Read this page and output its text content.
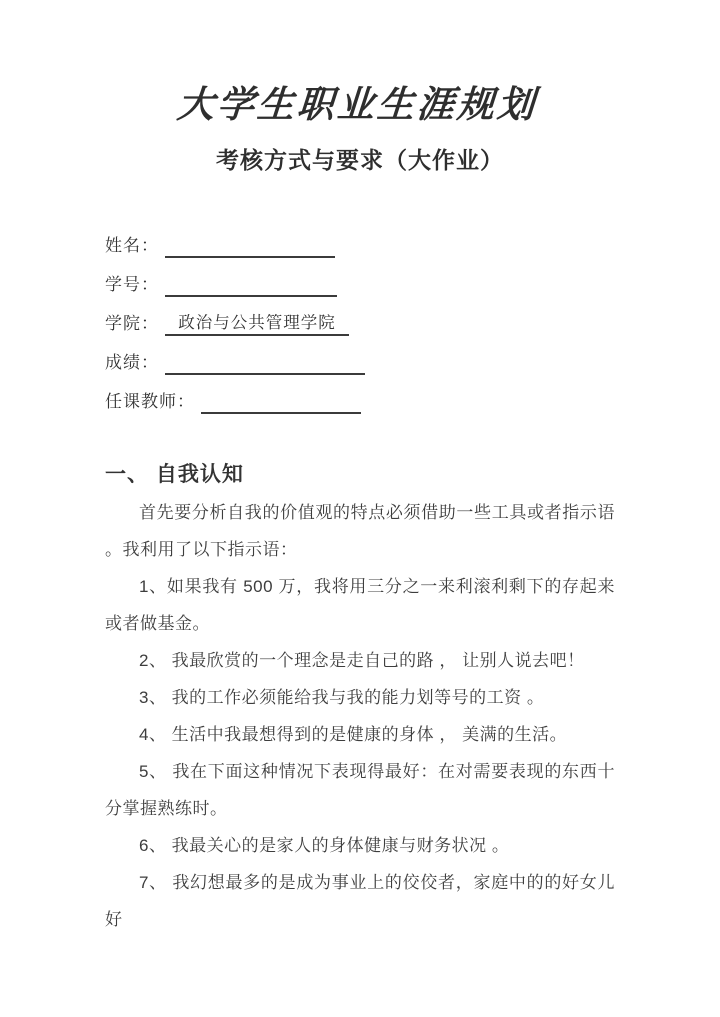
大学生职业生涯规划
考核方式与要求（大作业）
姓名：
学号：
学院：	政治与公共管理学院
成绩：
任课教师：
一、 自我认知

首先要分析自我的价值观的特点必须借助一些工具或者指示语 。我利用了以下指示语：

1、如果我有 500 万，我将用三分之一来利滚利剩下的存起来或者做基金。

2、 我最欣赏的一个理念是走自己的路 ， 让别人说去吧！

3、 我的工作必须能给我与我的能力划等号的工资 。

4、 生活中我最想得到的是健康的身体 ， 美满的生活。

5、 我在下面这种情况下表现得最好：在对需要表现的东西十分掌握熟练时。

6、 我最关心的是家人的身体健康与财务状况 。

7、 我幻想最多的是成为事业上的佼佼者，家庭中的的好女儿好
